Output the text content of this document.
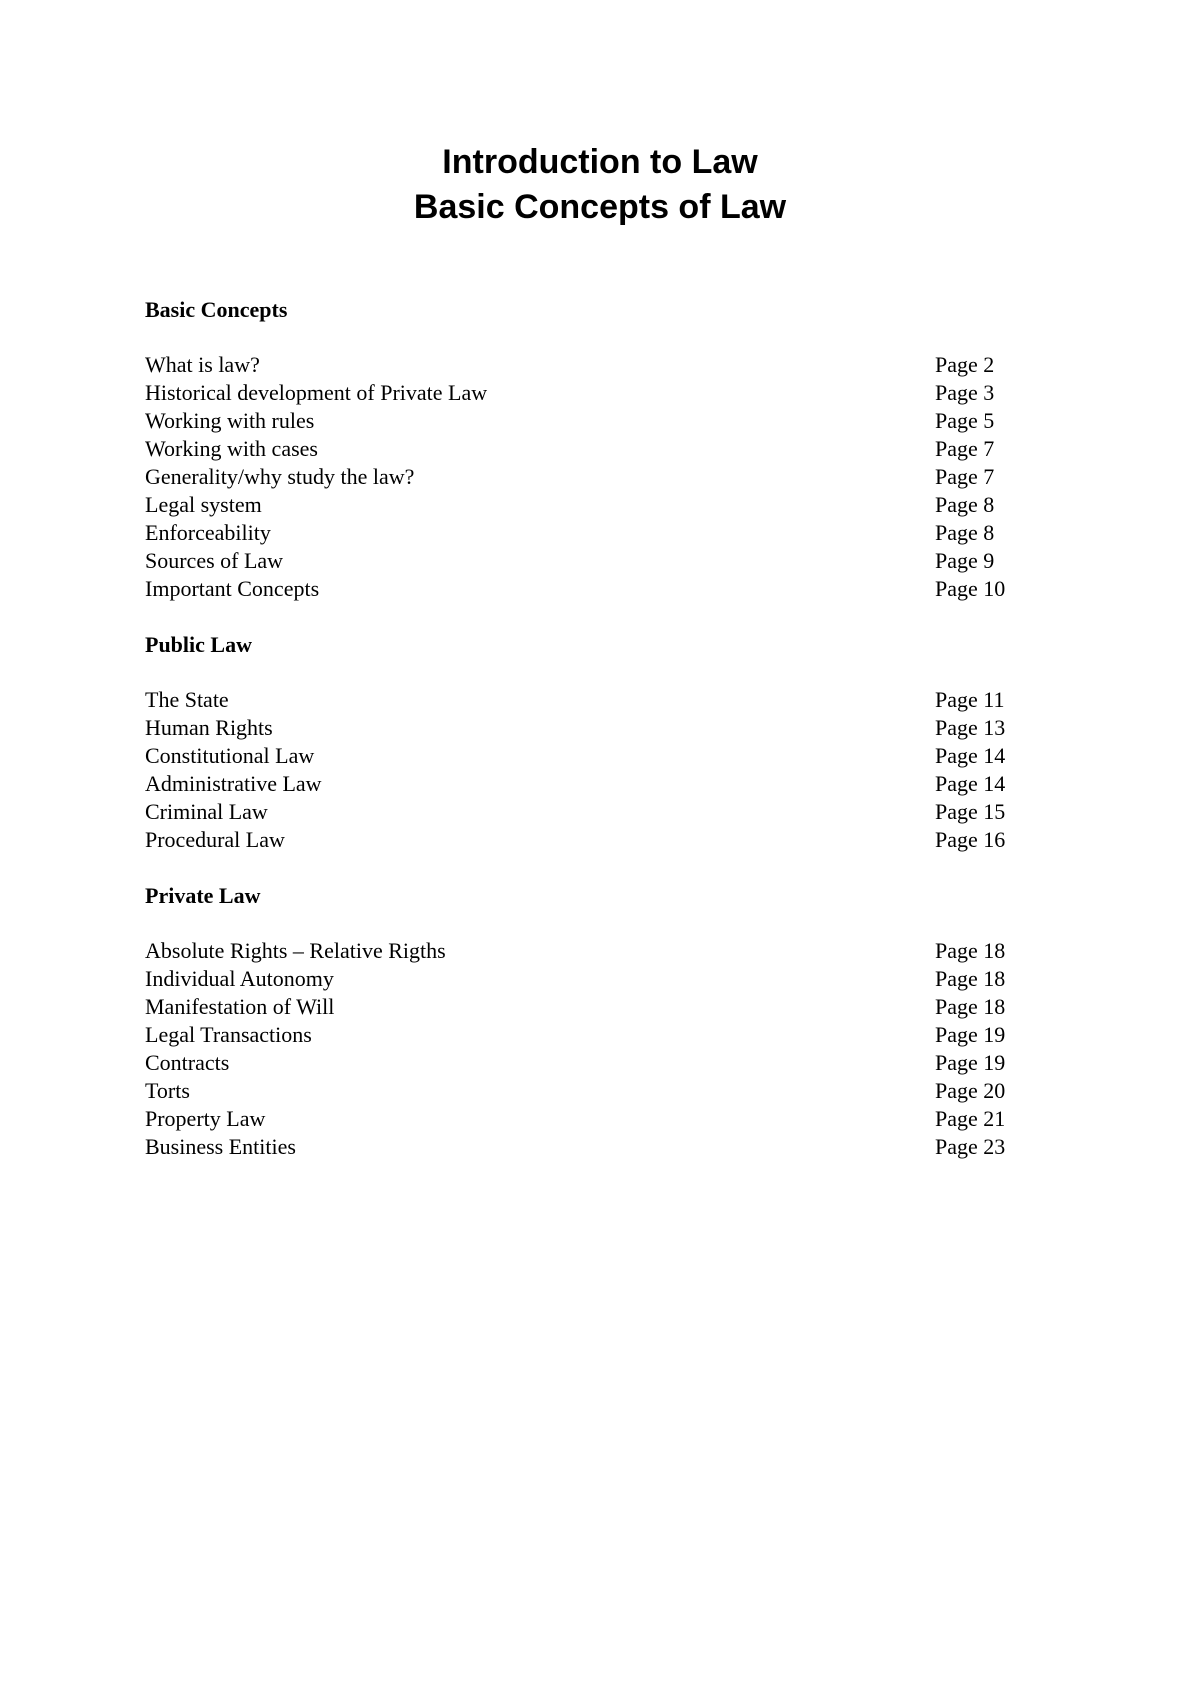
Introduction to Law
Basic Concepts of Law
Basic Concepts
What is law?	Page 2
Historical development of Private Law	Page 3
Working with rules	Page 5
Working with cases	Page 7
Generality/why study the law?	Page 7
Legal system	Page 8
Enforceability	Page 8
Sources of Law	Page 9
Important Concepts	Page 10
Public Law
The State	Page 11
Human Rights	Page 13
Constitutional Law	Page 14
Administrative Law	Page 14
Criminal Law	Page 15
Procedural Law	Page 16
Private Law
Absolute Rights – Relative Rigths	Page 18
Individual Autonomy	Page 18
Manifestation of Will	Page 18
Legal Transactions	Page 19
Contracts	Page 19
Torts	Page 20
Property Law	Page 21
Business Entities	Page 23
